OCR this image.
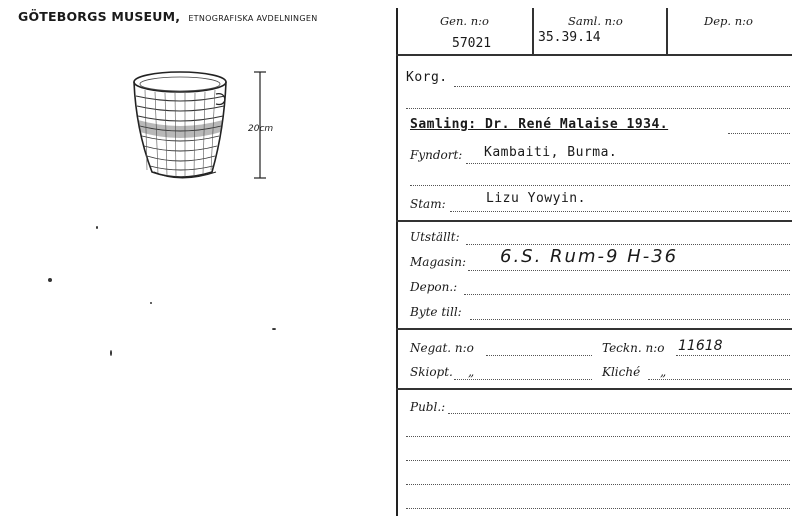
GÖTEBORGS MUSEUM, ETNOGRAFISKA AVDELNINGEN
20cm
Gen. n:o
57021
Saml. n:o
35.39.14
Dep. n:o
Korg.
Samling: Dr. René Malaise 1934.
Fyndort: Kambaiti, Burma.
Stam:	Lizu Yowyin.
Utställt:
Magasin: 6.S. Rum-9 H-36
Depon.:
Byte till:
Negat. n:o	Teckn. n:o 11618
Skiopt. „	Kliché „
Publ.:
